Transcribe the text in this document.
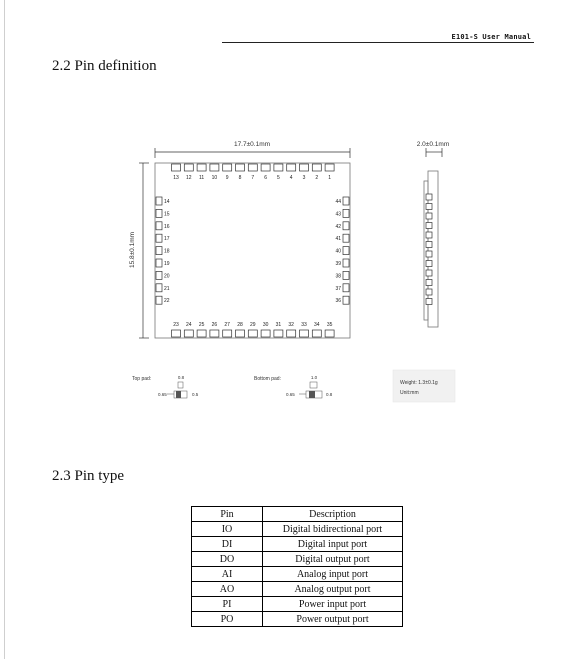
E101-S User Manual
2.2 Pin definition
13 12 11 10 9 8 7 6 5 4 3 2 1
23 24 25 26 27 28 29 30 31 32 33 34 35
14
15
16
17
18
19
20
21
22
44
43
42
41
40
39
38
37
36
17.7±0.1mm	2.0±0.1mm
15.8±0.1mm
Top pad:	0.8
0.65	0.5
Bottom pad:	1.0
0.65	0.8
Weight: 1.3±0.1g
Unit:mm
2.3 Pin type
Pin	Description
IO	Digital bidirectional port
DI	Digital input port
DO	Digital output port
AI	Analog input port
AO	Analog output port
PI	Power input port
PO	Power output port
